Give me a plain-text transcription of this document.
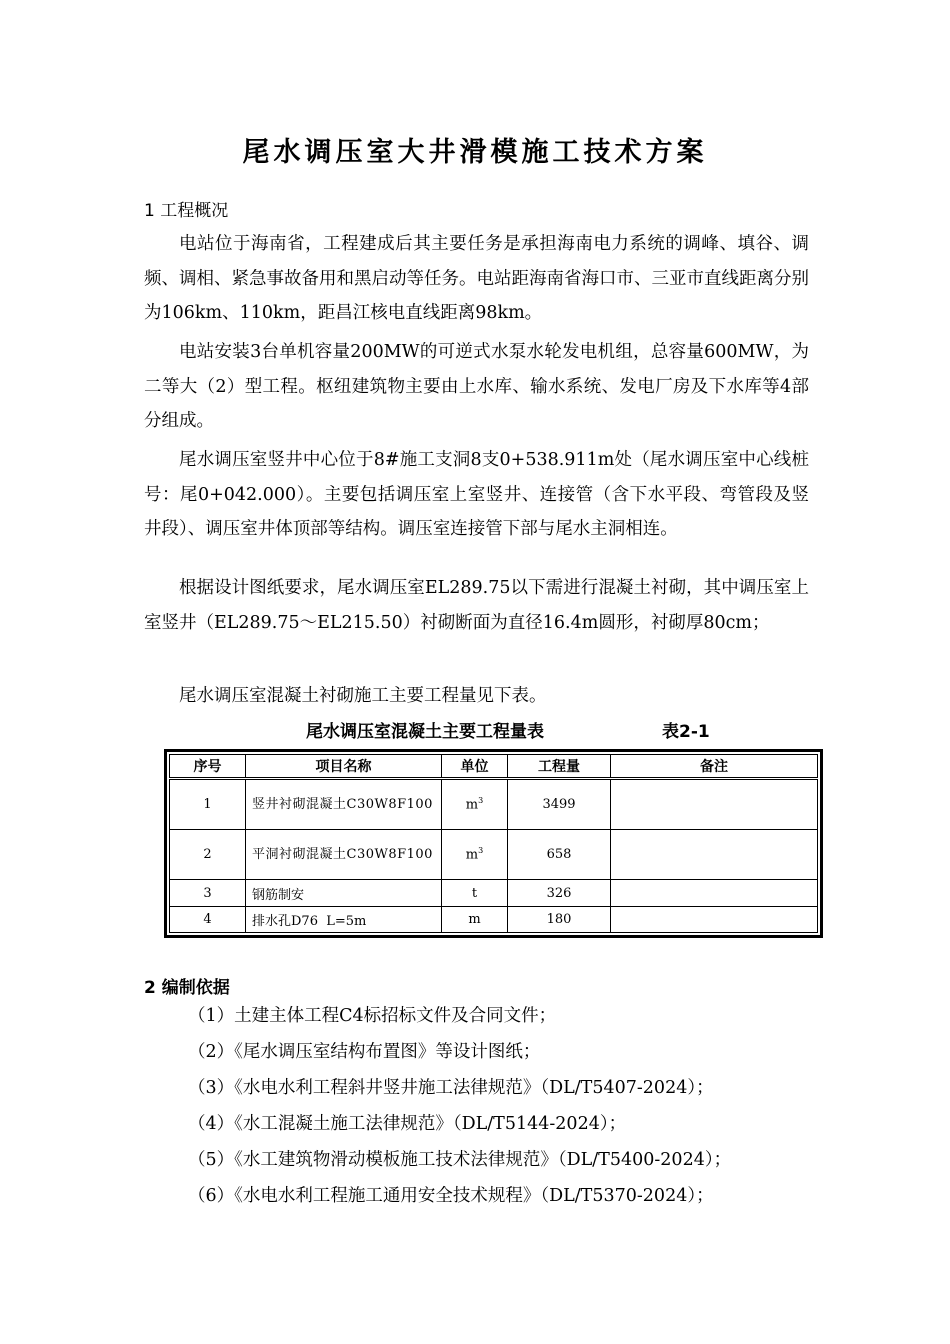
尾水调压室大井滑模施工技术方案
1 工程概况
电站位于海南省，工程建成后其主要任务是承担海南电力系统的调峰、填谷、调频、调相、紧急事故备用和黑启动等任务。电站距海南省海口市、三亚市直线距离分别为106km、110km，距昌江核电直线距离98km。
电站安装3台单机容量200MW的可逆式水泵水轮发电机组，总容量600MW，为二等大（2）型工程。枢纽建筑物主要由上水库、输水系统、发电厂房及下水库等4部分组成。
尾水调压室竖井中心位于8#施工支洞8支0+538.911m处（尾水调压室中心线桩号：尾0+042.000）。主要包括调压室上室竖井、连接管（含下水平段、弯管段及竖井段）、调压室井体顶部等结构。调压室连接管下部与尾水主洞相连。
根据设计图纸要求，尾水调压室EL289.75以下需进行混凝土衬砌，其中调压室上室竖井（EL289.75～EL215.50）衬砌断面为直径16.4m圆形，衬砌厚80cm；
尾水调压室混凝土衬砌施工主要工程量见下表。
尾水调压室混凝土主要工程量表	表2-1
序号	项目名称	单位	工程量	备注
1	竖井衬砌混凝土C30W8F100	$m^3$	3499	
2	平洞衬砌混凝土C30W8F100	$m^3$	658	
3	钢筋制安	t	326	
4	排水孔D76  L=5m	m	180	
2 编制依据
（1）土建主体工程C4标招标文件及合同文件；
（2）《尾水调压室结构布置图》等设计图纸；
（3）《水电水利工程斜井竖井施工法律规范》（DL/T5407-2024）；
（4）《水工混凝土施工法律规范》（DL/T5144-2024）；
（5）《水工建筑物滑动模板施工技术法律规范》（DL/T5400-2024）；
（6）《水电水利工程施工通用安全技术规程》（DL/T5370-2024）；
